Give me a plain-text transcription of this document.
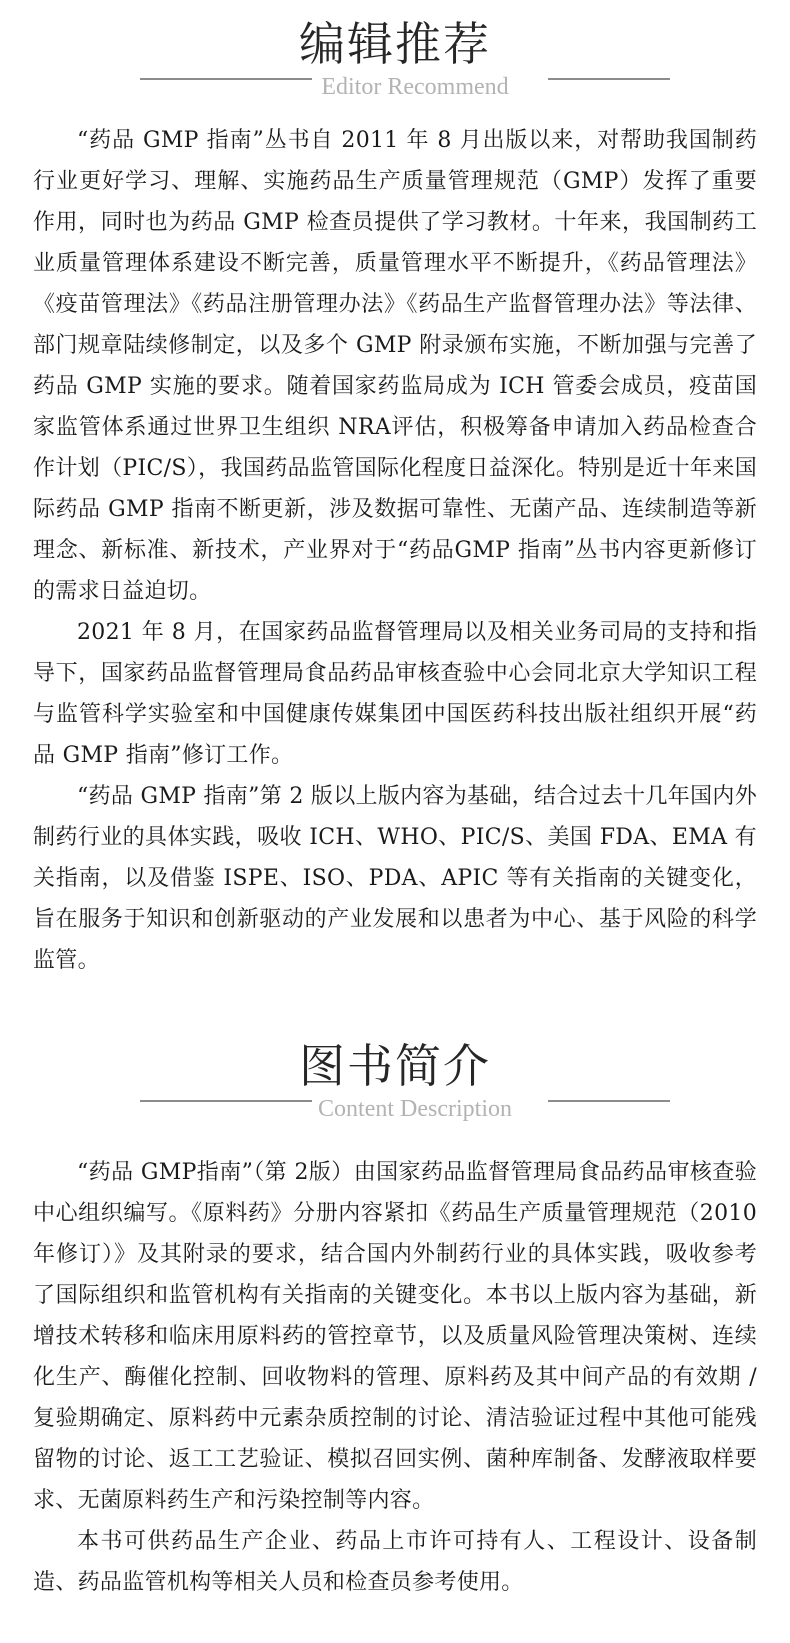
编辑推荐
Editor Recommend

“药品 GMP 指南”丛书自 2011 年 8 月出版以来，对帮助我国制药行业更好学习、理解、实施药品生产质量管理规范（GMP）发挥了重要作用，同时也为药品 GMP 检查员提供了学习教材。十年来，我国制药工业质量管理体系建设不断完善，质量管理水平不断提升，《药品管理法》《疫苗管理法》《药品注册管理办法》《药品生产监督管理办法》等法律、部门规章陆续修制定，以及多个 GMP 附录颁布实施，不断加强与完善了药品 GMP 实施的要求。随着国家药监局成为 ICH 管委会成员，疫苗国家监管体系通过世界卫生组织 NRA评估，积极筹备申请加入药品检查合作计划（PIC/S），我国药品监管国际化程度日益深化。特别是近十年来国际药品 GMP 指南不断更新，涉及数据可靠性、无菌产品、连续制造等新理念、新标准、新技术，产业界对于“药品GMP 指南”丛书内容更新修订的需求日益迫切。

2021 年 8 月，在国家药品监督管理局以及相关业务司局的支持和指导下，国家药品监督管理局食品药品审核查验中心会同北京大学知识工程与监管科学实验室和中国健康传媒集团中国医药科技出版社组织开展“药品 GMP 指南”修订工作。

“药品 GMP 指南”第 2 版以上版内容为基础，结合过去十几年国内外制药行业的具体实践，吸收 ICH、WHO、PIC/S、美国 FDA、EMA 有关指南，以及借鉴 ISPE、ISO、PDA、APIC 等有关指南的关键变化，旨在服务于知识和创新驱动的产业发展和以患者为中心、基于风险的科学监管。

图书简介
Content Description

“药品 GMP指南”（第 2版）由国家药品监督管理局食品药品审核查验中心组织编写。《原料药》分册内容紧扣《药品生产质量管理规范（2010年修订）》及其附录的要求，结合国内外制药行业的具体实践，吸收参考了国际组织和监管机构有关指南的关键变化。本书以上版内容为基础，新增技术转移和临床用原料药的管控章节，以及质量风险管理决策树、连续化生产、酶催化控制、回收物料的管理、原料药及其中间产品的有效期 /复验期确定、原料药中元素杂质控制的讨论、清洁验证过程中其他可能残留物的讨论、返工工艺验证、模拟召回实例、菌种库制备、发酵液取样要求、无菌原料药生产和污染控制等内容。

本书可供药品生产企业、药品上市许可持有人、工程设计、设备制造、药品监管机构等相关人员和检查员参考使用。
